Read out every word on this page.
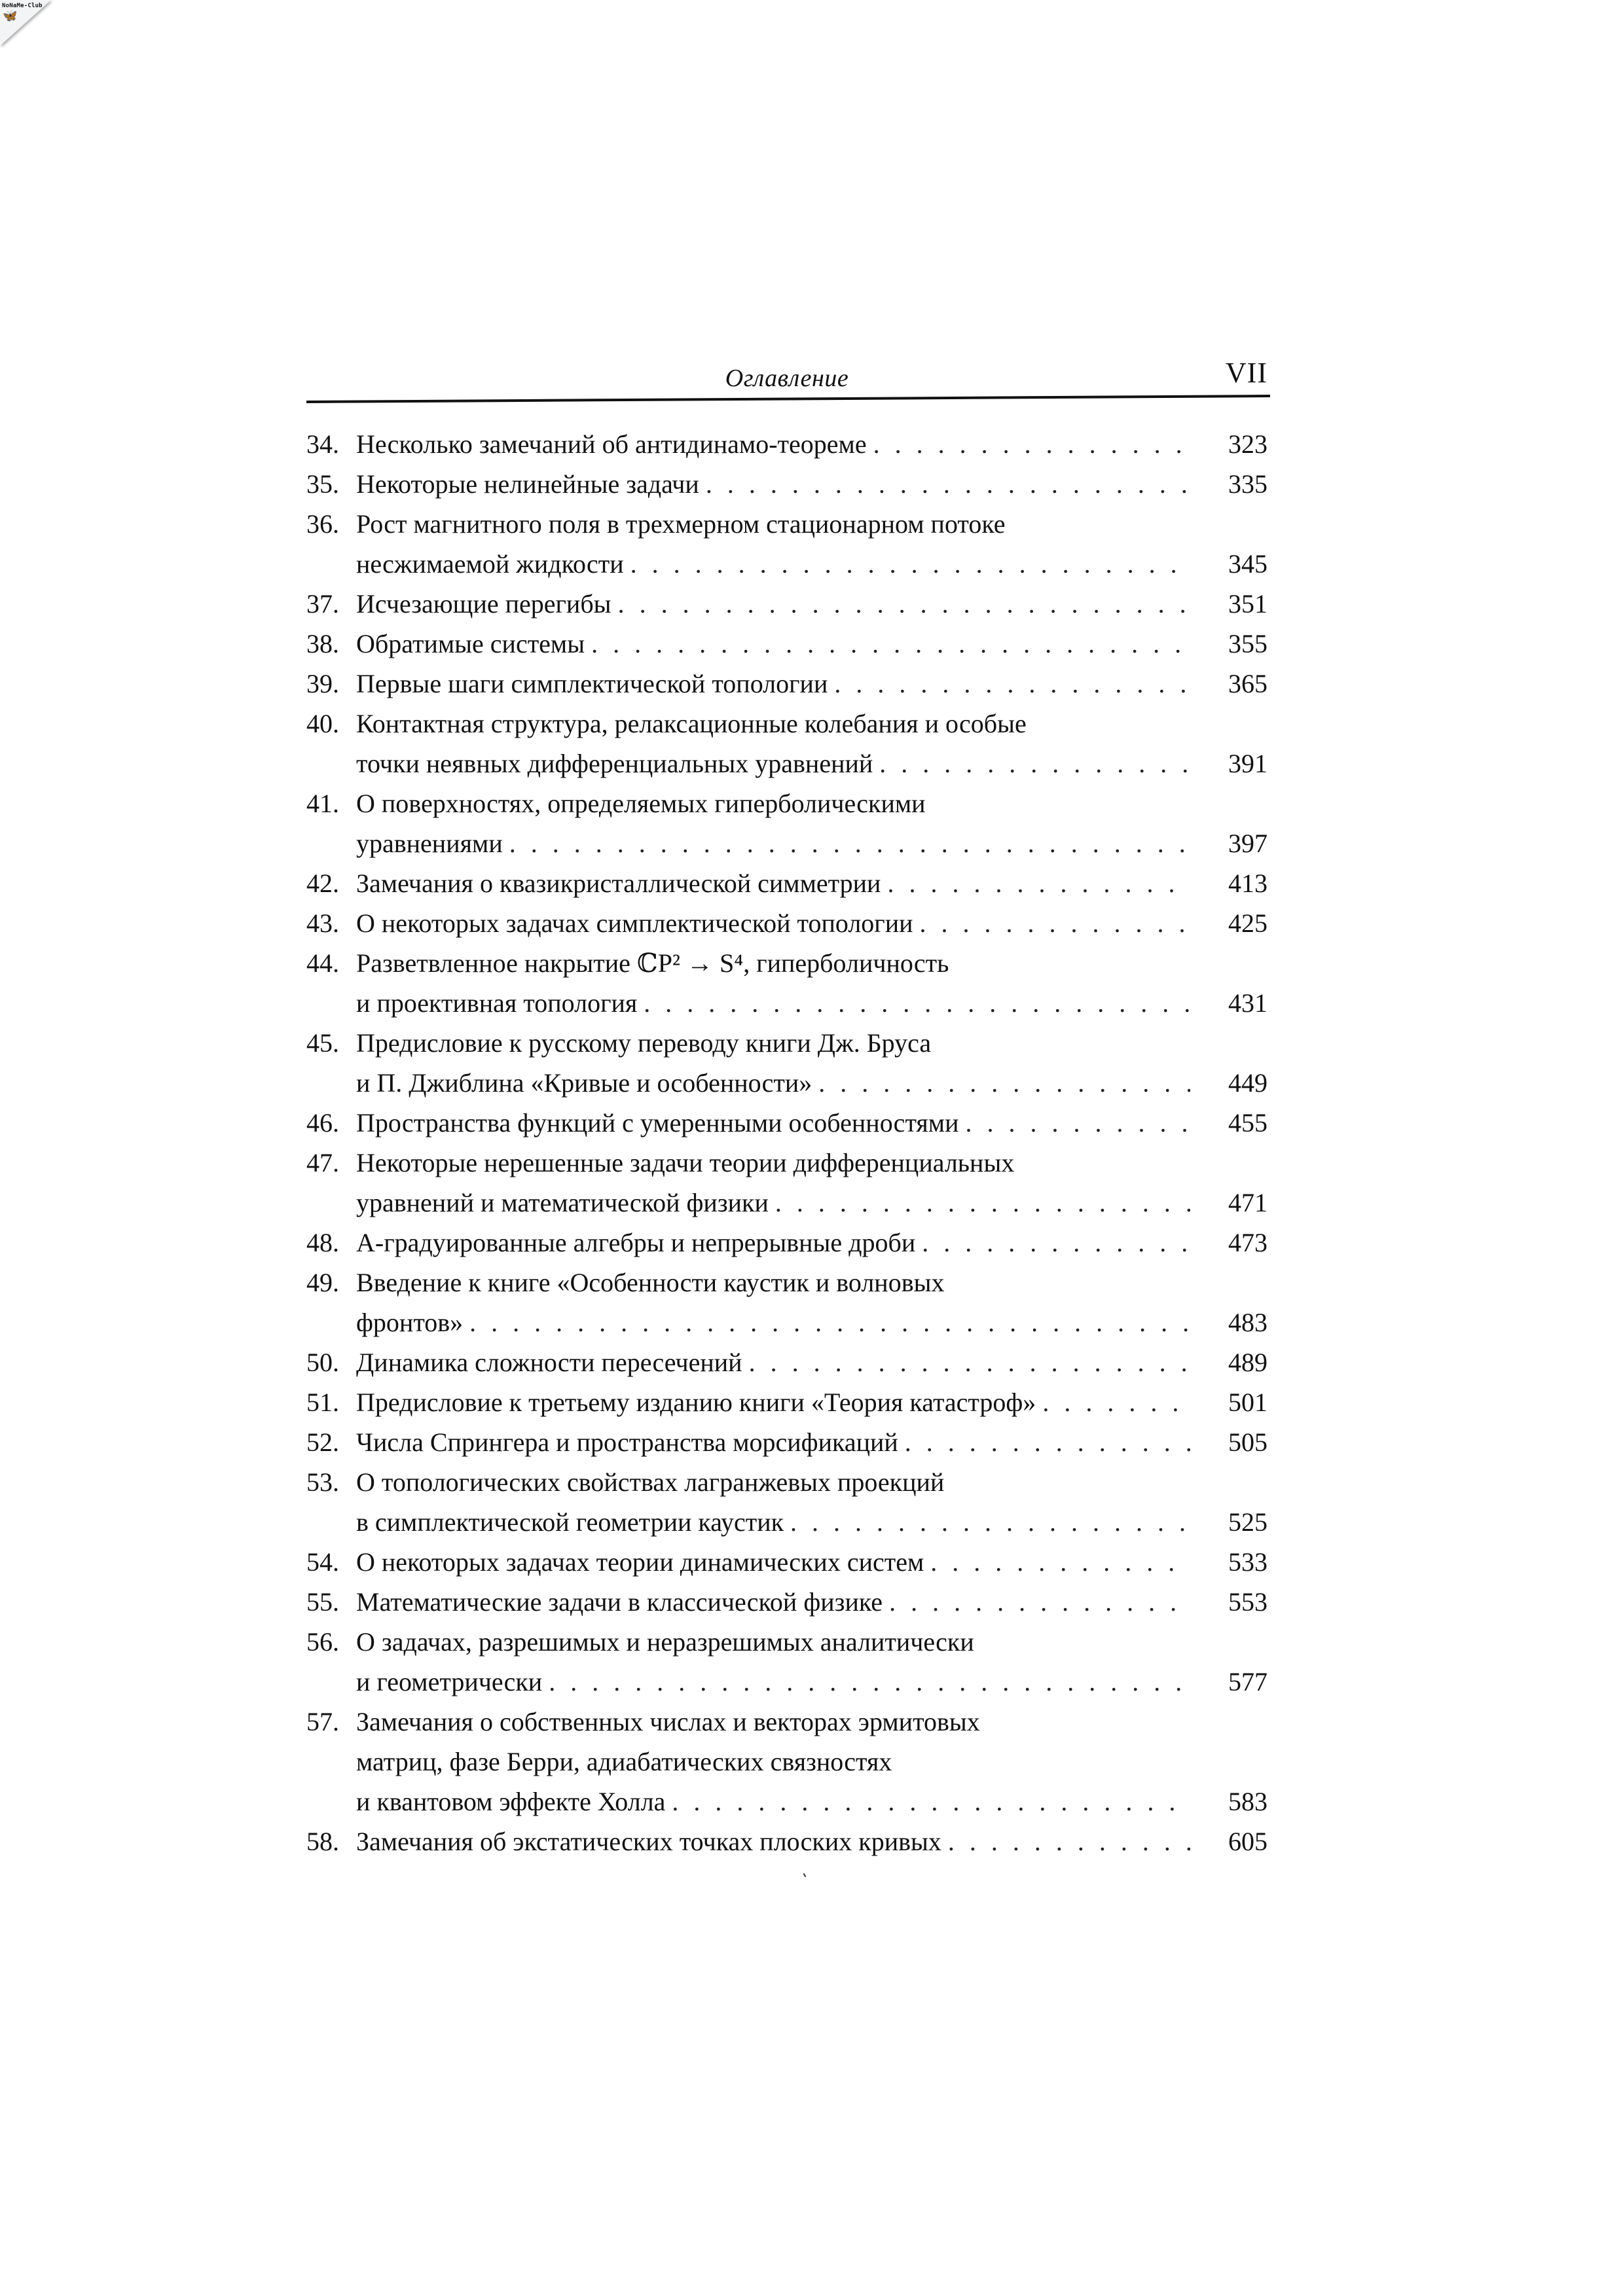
NoNaMe-Club
🦋
Оглавление	VII
34. Несколько замечаний об антидинамо-теореме . . .	323
35. Некоторые нелинейные задачи . . .	335
36. Рост магнитного поля в трехмерном стационарном потоке
несжимаемой жидкости . . .	345
37. Исчезающие перегибы . . .	351
38. Обратимые системы . . .	355
39. Первые шаги симплектической топологии . . .	365
40. Контактная структура, релаксационные колебания и особые
точки неявных дифференциальных уравнений . . .	391
41. О поверхностях, определяемых гиперболическими
уравнениями . . .	397
42. Замечания о квазикристаллической симметрии . . .	413
43. О некоторых задачах симплектической топологии . . .	425
44. Разветвленное накрытие ℂP² → S⁴, гиперболичность
и проективная топология . . .	431
45. Предисловие к русскому переводу книги Дж. Бруса
и П. Джиблина «Кривые и особенности» . . .	449
46. Пространства функций с умеренными особенностями . . .	455
47. Некоторые нерешенные задачи теории дифференциальных
уравнений и математической физики . . .	471
48. A-градуированные алгебры и непрерывные дроби . . .	473
49. Введение к книге «Особенности каустик и волновых
фронтов» . . .	483
50. Динамика сложности пересечений . . .	489
51. Предисловие к третьему изданию книги «Теория катастроф» . . .	501
52. Числа Спрингера и пространства морсификаций . . .	505
53. О топологических свойствах лагранжевых проекций
в симплектической геометрии каустик . . .	525
54. О некоторых задачах теории динамических систем . . .	533
55. Математические задачи в классической физике . . .	553
56. О задачах, разрешимых и неразрешимых аналитически
и геометрически . . .	577
57. Замечания о собственных числах и векторах эрмитовых
матриц, фазе Берри, адиабатических связностях
и квантовом эффекте Холла . . .	583
58. Замечания об экстатических точках плоских кривых . . .	605
